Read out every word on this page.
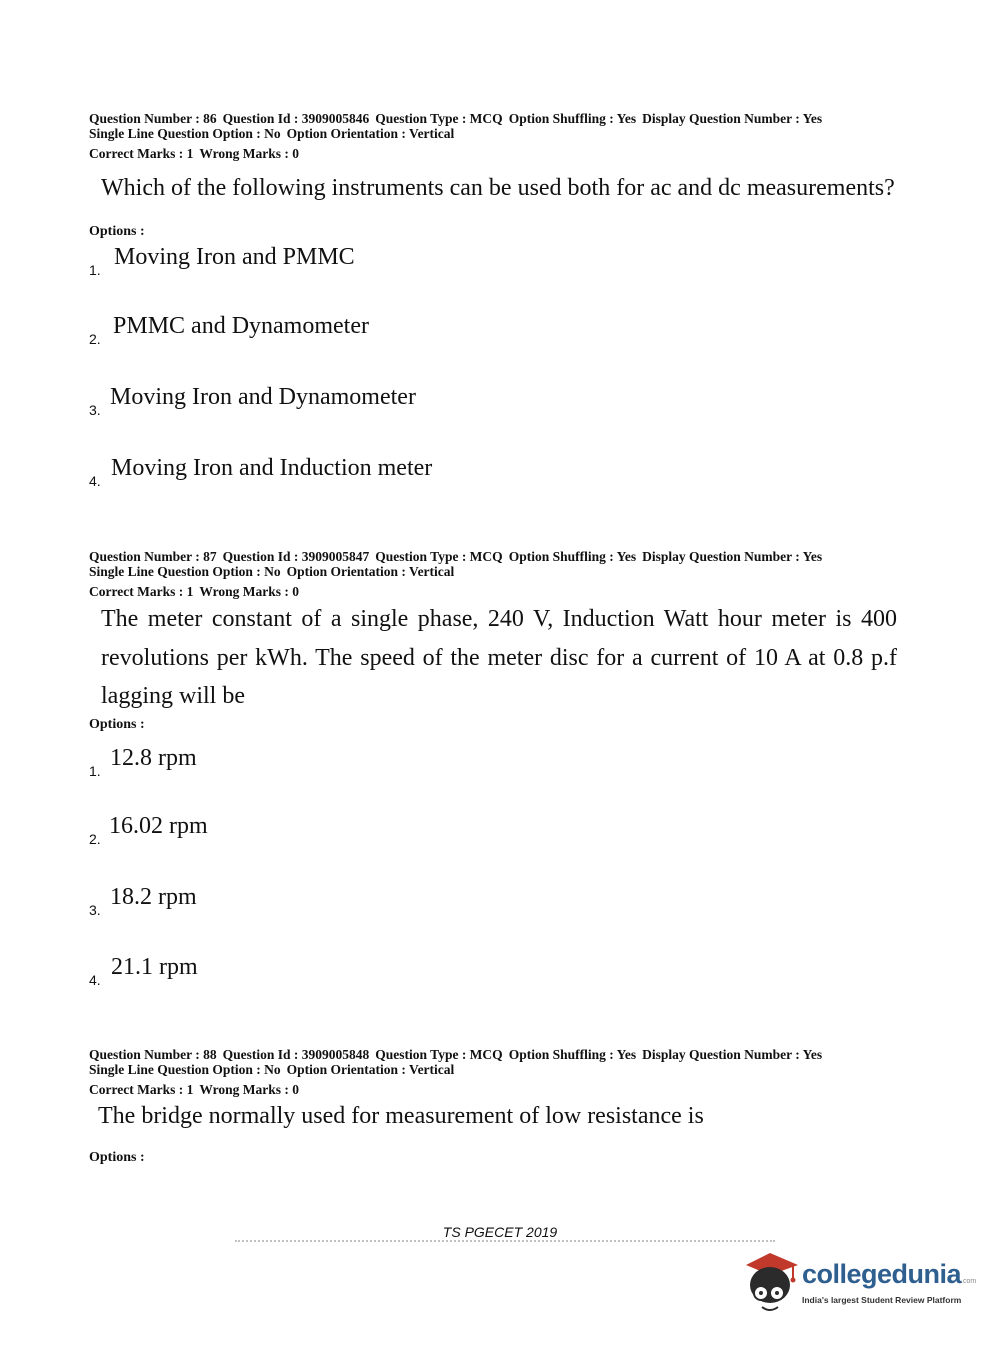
Question Number : 86 Question Id : 3909005846 Question Type : MCQ Option Shuffling : Yes Display Question Number : Yes
Single Line Question Option : No Option Orientation : Vertical
Correct Marks : 1 Wrong Marks : 0
Which of the following instruments can be used both for ac and dc measurements?
Options :
1. Moving Iron and PMMC
2. PMMC and Dynamometer
3. Moving Iron and Dynamometer
4. Moving Iron and Induction meter
Question Number : 87 Question Id : 3909005847 Question Type : MCQ Option Shuffling : Yes Display Question Number : Yes
Single Line Question Option : No Option Orientation : Vertical
Correct Marks : 1 Wrong Marks : 0
The meter constant of a single phase, 240 V, Induction Watt hour meter is 400 revolutions per kWh. The speed of the meter disc for a current of 10 A at 0.8 p.f lagging will be
Options :
1. 12.8 rpm
2. 16.02 rpm
3. 18.2 rpm
4. 21.1 rpm
Question Number : 88 Question Id : 3909005848 Question Type : MCQ Option Shuffling : Yes Display Question Number : Yes
Single Line Question Option : No Option Orientation : Vertical
Correct Marks : 1 Wrong Marks : 0
The bridge normally used for measurement of low resistance is
Options :
TS PGECET 2019
collegedunia.com
India's largest Student Review Platform
